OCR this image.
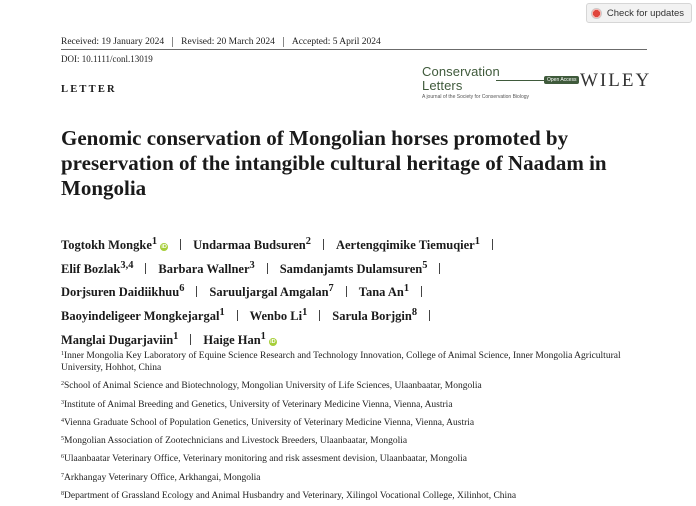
Check for updates
Received: 19 January 2024 Revised: 20 March 2024 Accepted: 5 April 2024
DOI: 10.1111/conl.13019
LETTER
Conservation Letters
A journal of the Society for Conservation Biology
Open Access WILEY
Genomic conservation of Mongolian horses promoted by preservation of the intangible cultural heritage of Naadam in Mongolia
Togtokh Mongke$^1$iD Undarmaa Budsuren$^2$ Aertengqimike Tiemuqier$^1$
Elif Bozlak$^{3,4}$ Barbara Wallner$^3$ Samdanjamts Dulamsuren$^5$
Dorjsuren Daidiikhuu$^6$ Saruuljargal Amgalan$^7$ Tana An$^1$
Baoyindeligeer Mongkejargal$^1$ Wenbo Li$^1$ Sarula Borjgin$^8$
Manglai Dugarjaviin$^1$ Haige Han$^1$iD
$^1$Inner Mongolia Key Laboratory of Equine Science Research and Technology Innovation, College of Animal Science, Inner Mongolia Agricultural University, Hohhot, China
$^2$School of Animal Science and Biotechnology, Mongolian University of Life Sciences, Ulaanbaatar, Mongolia
$^3$Institute of Animal Breeding and Genetics, University of Veterinary Medicine Vienna, Vienna, Austria
$^4$Vienna Graduate School of Population Genetics, University of Veterinary Medicine Vienna, Vienna, Austria
$^5$Mongolian Association of Zootechnicians and Livestock Breeders, Ulaanbaatar, Mongolia
$^6$Ulaanbaatar Veterinary Office, Veterinary monitoring and risk assesment devision, Ulaanbaatar, Mongolia
$^7$Arkhangay Veterinary Office, Arkhangai, Mongolia
$^8$Department of Grassland Ecology and Animal Husbandry and Veterinary, Xilingol Vocational College, Xilinhot, China
